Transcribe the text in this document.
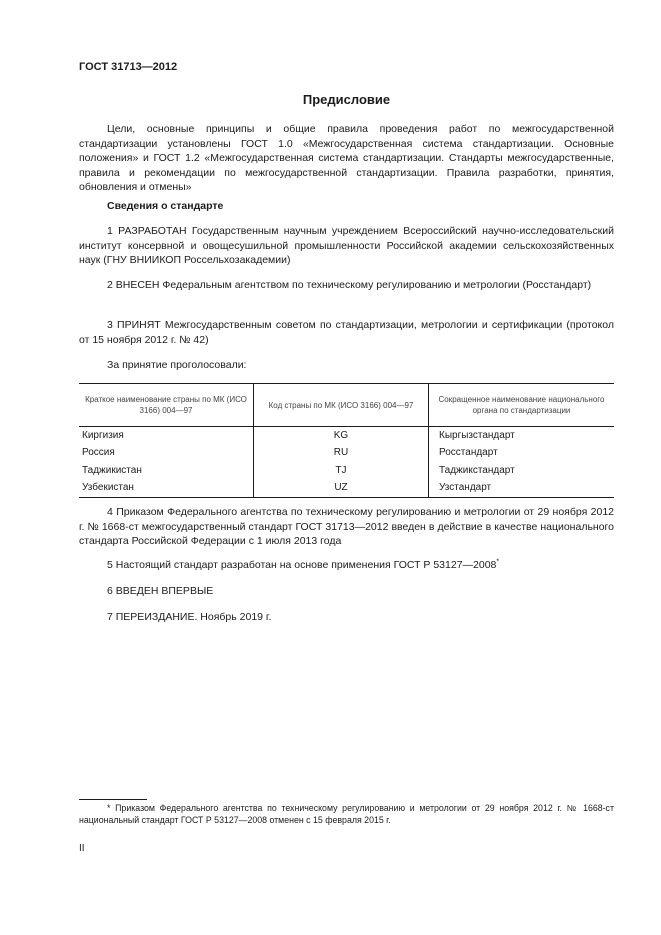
ГОСТ 31713—2012
Предисловие
Цели, основные принципы и общие правила проведения работ по межгосударственной стандартизации установлены ГОСТ 1.0 «Межгосударственная система стандартизации. Основные положения» и ГОСТ 1.2 «Межгосударственная система стандартизации. Стандарты межгосударственные, правила и рекомендации по межгосударственной стандартизации. Правила разработки, принятия, обновления и отмены»
Сведения о стандарте
1 РАЗРАБОТАН Государственным научным учреждением Всероссийский научно-исследовательский институт консервной и овощесушильной промышленности Российской академии сельскохозяйственных наук (ГНУ ВНИИКОП Россельхозакадемии)
2 ВНЕСЕН Федеральным агентством по техническому регулированию и метрологии (Росстандарт)
3 ПРИНЯТ Межгосударственным советом по стандартизации, метрологии и сертификации (протокол от 15 ноября 2012 г. № 42)
За принятие проголосовали:
Краткое наименование страны по МК (ИСО 3166) 004—97	Код страны по МК (ИСО 3166) 004—97	Сокращенное наименование национального органа по стандартизации
Киргизия	KG	Кыргызстандарт
Россия	RU	Росстандарт
Таджикистан	TJ	Таджикстандарт
Узбекистан	UZ	Узстандарт
4 Приказом Федерального агентства по техническому регулированию и метрологии от 29 ноября 2012 г. № 1668-ст межгосударственный стандарт ГОСТ 31713—2012 введен в действие в качестве национального стандарта Российской Федерации с 1 июля 2013 года
5 Настоящий стандарт разработан на основе применения ГОСТ Р 53127—2008*
6 ВВЕДЕН ВПЕРВЫЕ
7 ПЕРЕИЗДАНИЕ. Ноябрь 2019 г.
* Приказом Федерального агентства по техническому регулированию и метрологии от 29 ноября 2012 г. № 1668-ст национальный стандарт ГОСТ Р 53127—2008 отменен с 15 февраля 2015 г.
II
